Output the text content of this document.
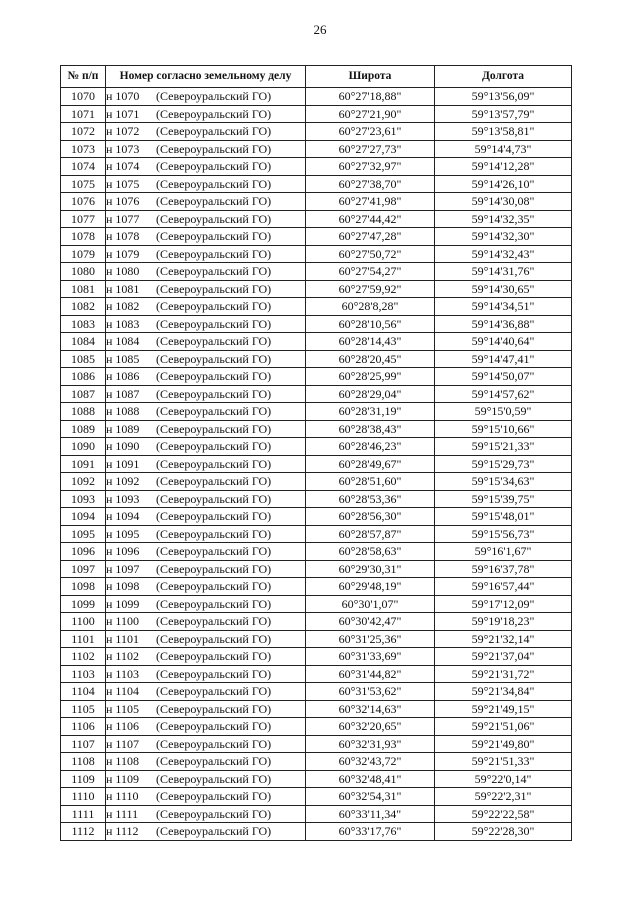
26
№ п/п	Номер согласно земельному делу	Широта	Долгота
1070	н 1070 (Североуральский ГО)	60°27'18,88"	59°13'56,09"
1071	н 1071 (Североуральский ГО)	60°27'21,90"	59°13'57,79"
1072	н 1072 (Североуральский ГО)	60°27'23,61"	59°13'58,81"
1073	н 1073 (Североуральский ГО)	60°27'27,73"	59°14'4,73"
1074	н 1074 (Североуральский ГО)	60°27'32,97"	59°14'12,28"
1075	н 1075 (Североуральский ГО)	60°27'38,70"	59°14'26,10"
1076	н 1076 (Североуральский ГО)	60°27'41,98"	59°14'30,08"
1077	н 1077 (Североуральский ГО)	60°27'44,42"	59°14'32,35"
1078	н 1078 (Североуральский ГО)	60°27'47,28"	59°14'32,30"
1079	н 1079 (Североуральский ГО)	60°27'50,72"	59°14'32,43"
1080	н 1080 (Североуральский ГО)	60°27'54,27"	59°14'31,76"
1081	н 1081 (Североуральский ГО)	60°27'59,92"	59°14'30,65"
1082	н 1082 (Североуральский ГО)	60°28'8,28"	59°14'34,51"
1083	н 1083 (Североуральский ГО)	60°28'10,56"	59°14'36,88"
1084	н 1084 (Североуральский ГО)	60°28'14,43"	59°14'40,64"
1085	н 1085 (Североуральский ГО)	60°28'20,45"	59°14'47,41"
1086	н 1086 (Североуральский ГО)	60°28'25,99"	59°14'50,07"
1087	н 1087 (Североуральский ГО)	60°28'29,04"	59°14'57,62"
1088	н 1088 (Североуральский ГО)	60°28'31,19"	59°15'0,59"
1089	н 1089 (Североуральский ГО)	60°28'38,43"	59°15'10,66"
1090	н 1090 (Североуральский ГО)	60°28'46,23"	59°15'21,33"
1091	н 1091 (Североуральский ГО)	60°28'49,67"	59°15'29,73"
1092	н 1092 (Североуральский ГО)	60°28'51,60"	59°15'34,63"
1093	н 1093 (Североуральский ГО)	60°28'53,36"	59°15'39,75"
1094	н 1094 (Североуральский ГО)	60°28'56,30"	59°15'48,01"
1095	н 1095 (Североуральский ГО)	60°28'57,87"	59°15'56,73"
1096	н 1096 (Североуральский ГО)	60°28'58,63"	59°16'1,67"
1097	н 1097 (Североуральский ГО)	60°29'30,31"	59°16'37,78"
1098	н 1098 (Североуральский ГО)	60°29'48,19"	59°16'57,44"
1099	н 1099 (Североуральский ГО)	60°30'1,07"	59°17'12,09"
1100	н 1100 (Североуральский ГО)	60°30'42,47"	59°19'18,23"
1101	н 1101 (Североуральский ГО)	60°31'25,36"	59°21'32,14"
1102	н 1102 (Североуральский ГО)	60°31'33,69"	59°21'37,04"
1103	н 1103 (Североуральский ГО)	60°31'44,82"	59°21'31,72"
1104	н 1104 (Североуральский ГО)	60°31'53,62"	59°21'34,84"
1105	н 1105 (Североуральский ГО)	60°32'14,63"	59°21'49,15"
1106	н 1106 (Североуральский ГО)	60°32'20,65"	59°21'51,06"
1107	н 1107 (Североуральский ГО)	60°32'31,93"	59°21'49,80"
1108	н 1108 (Североуральский ГО)	60°32'43,72"	59°21'51,33"
1109	н 1109 (Североуральский ГО)	60°32'48,41"	59°22'0,14"
1110	н 1110 (Североуральский ГО)	60°32'54,31"	59°22'2,31"
1111	н 1111 (Североуральский ГО)	60°33'11,34"	59°22'22,58"
1112	н 1112 (Североуральский ГО)	60°33'17,76"	59°22'28,30"
